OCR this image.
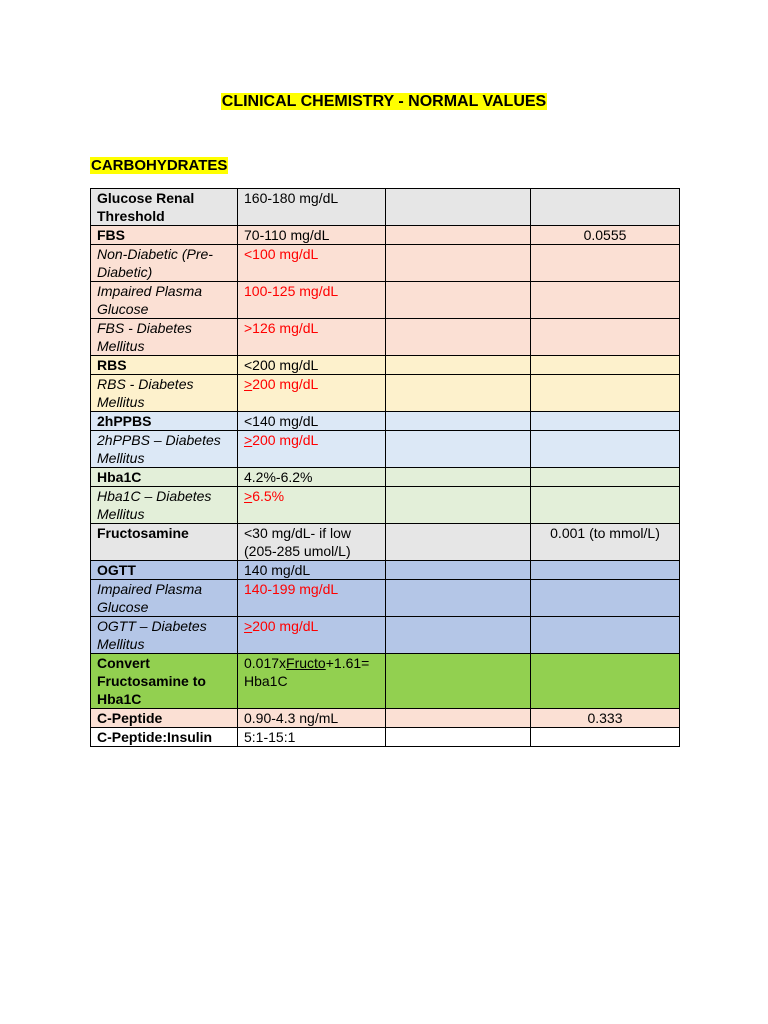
CLINICAL CHEMISTRY - NORMAL VALUES
CARBOHYDRATES
Glucose Renal Threshold	160-180 mg/dL		
FBS	70-110 mg/dL		0.0555
Non-Diabetic (Pre-Diabetic)	<100 mg/dL		
Impaired Plasma Glucose	100-125 mg/dL		
FBS - Diabetes Mellitus	>126 mg/dL		
RBS	<200 mg/dL		
RBS - Diabetes Mellitus	≥200 mg/dL		
2hPPBS	<140 mg/dL		
2hPPBS – Diabetes Mellitus	≥200 mg/dL		
Hba1C	4.2%-6.2%		
Hba1C – Diabetes Mellitus	≥6.5%		
Fructosamine	<30 mg/dL- if low (205-285 umol/L)		0.001 (to mmol/L)
OGTT	140 mg/dL		
Impaired Plasma Glucose	140-199 mg/dL		
OGTT – Diabetes Mellitus	≥200 mg/dL		
Convert Fructosamine to Hba1C	0.017xFructo+1.61= Hba1C		
C-Peptide	0.90-4.3 ng/mL		0.333
C-Peptide:Insulin	5:1-15:1		
